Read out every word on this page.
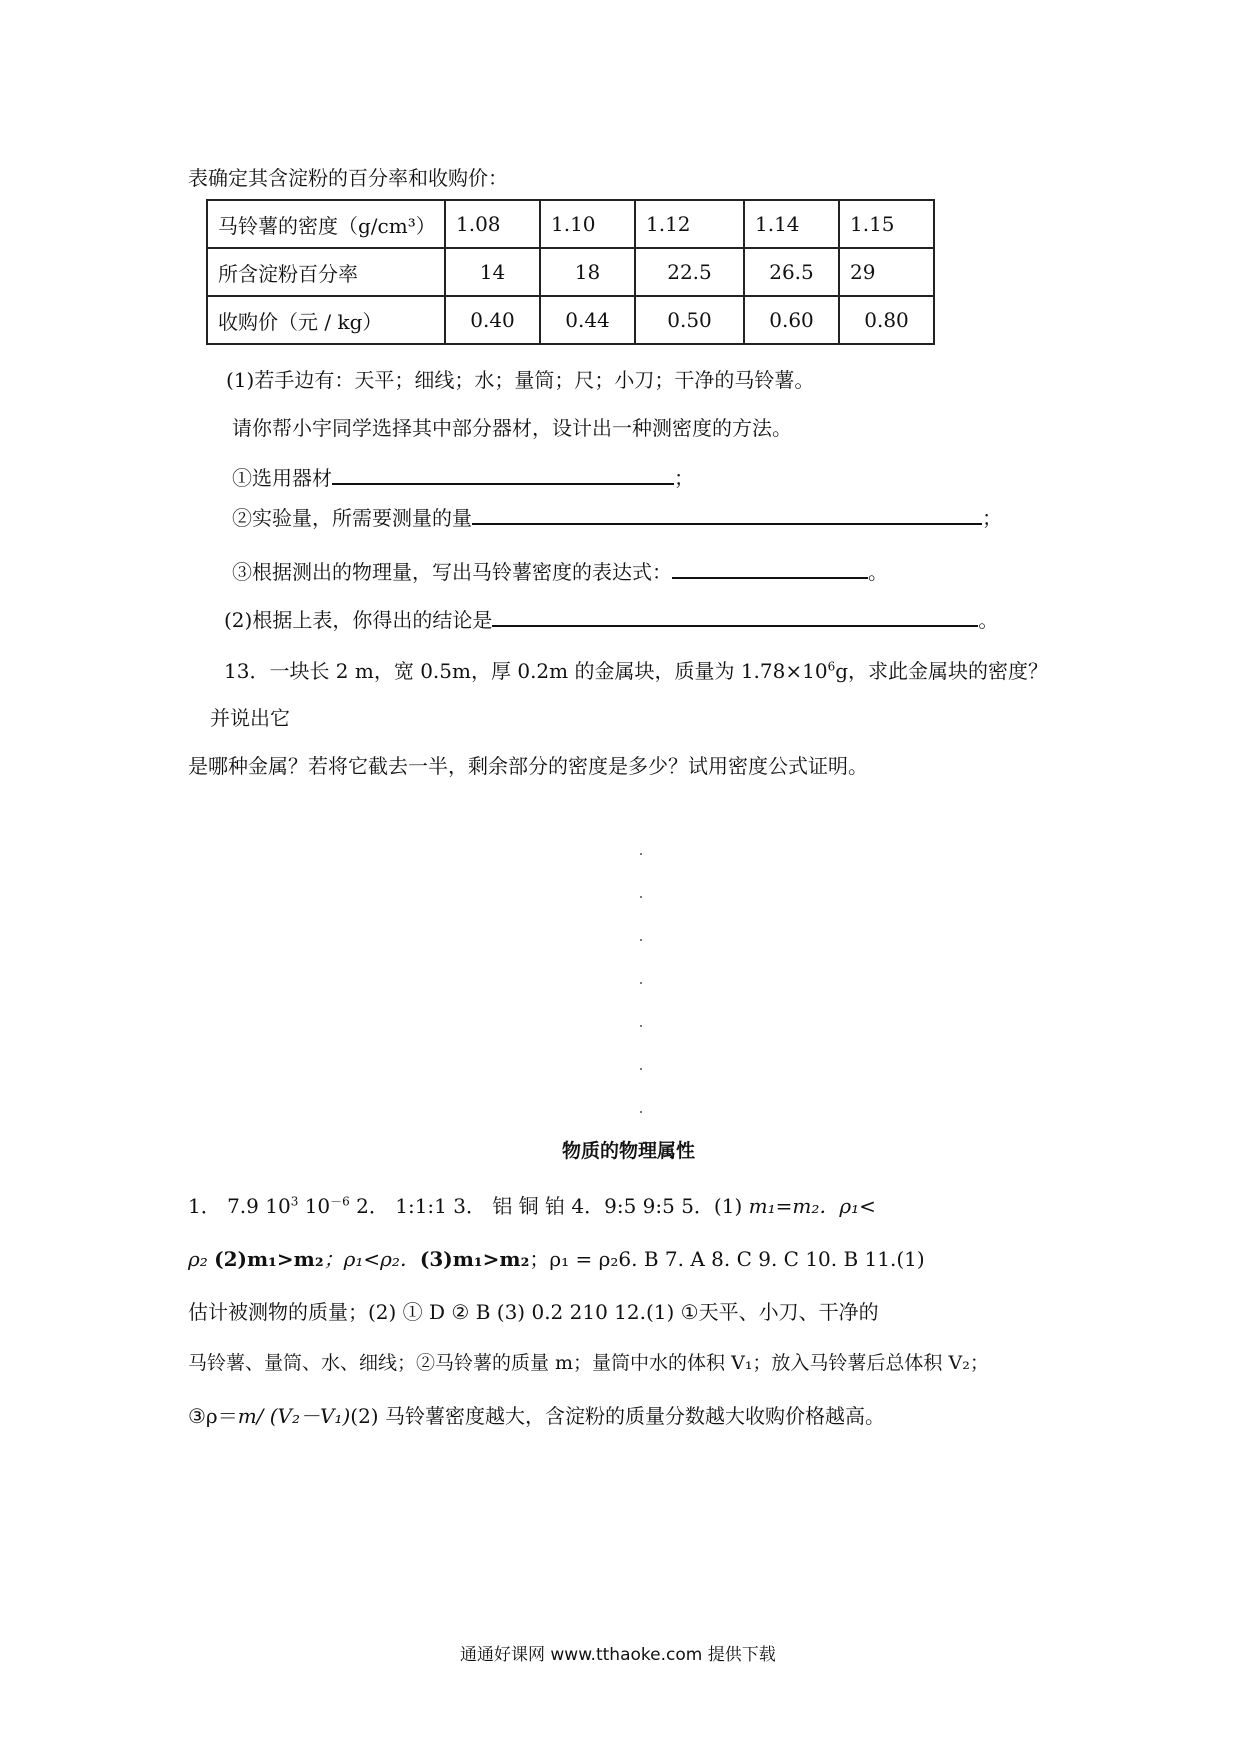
表确定其含淀粉的百分率和收购价：
马铃薯的密度（g/cm³）	1.08	1.10	1.12	1.14	1.15
所含淀粉百分率	14	18	22.5	26.5	29
收购价（元 / kg）	0.40	0.44	0.50	0.60	0.80
(1)若手边有：天平；细线；水；量筒；尺；小刀；干净的马铃薯。
请你帮小宇同学选择其中部分器材，设计出一种测密度的方法。
①选用器材	；
②实验量，所需要测量的量	；
③根据测出的物理量，写出马铃薯密度的表达式：	。
(2)根据上表，你得出的结论是	。
13．一块长 2 m，宽 0.5m，厚 0.2m 的金属块，质量为 $1.78\times 10^6g$，求此金属块的密度？
并说出它
是哪种金属？若将它截去一半，剩余部分的密度是多少？试用密度公式证明。
物质的物理属性
1． 7.9 $10^3$ $10^{-6}$ 2． 1:1:1 3． 铝 铜 铂 4．9:5 9:5 5．(1) m₁=m₂．ρ₁<
ρ₂ (2)m₁>m₂；ρ₁<ρ₂．(3)m₁>m₂；ρ₁ = ρ₂6. B 7. A 8. C 9. C 10. B 11.(1)
估计被测物的质量；(2) ① D ② B (3) 0.2 210 12.(1) ①天平、小刀、干净的
马铃薯、量筒、水、细线；②马铃薯的质量 m；量筒中水的体积 V₁；放入马铃薯后总体积 V₂；
③ρ＝m/ (V₂－V₁)(2) 马铃薯密度越大，含淀粉的质量分数越大收购价格越高。
通通好课网 www.tthaoke.com 提供下载
